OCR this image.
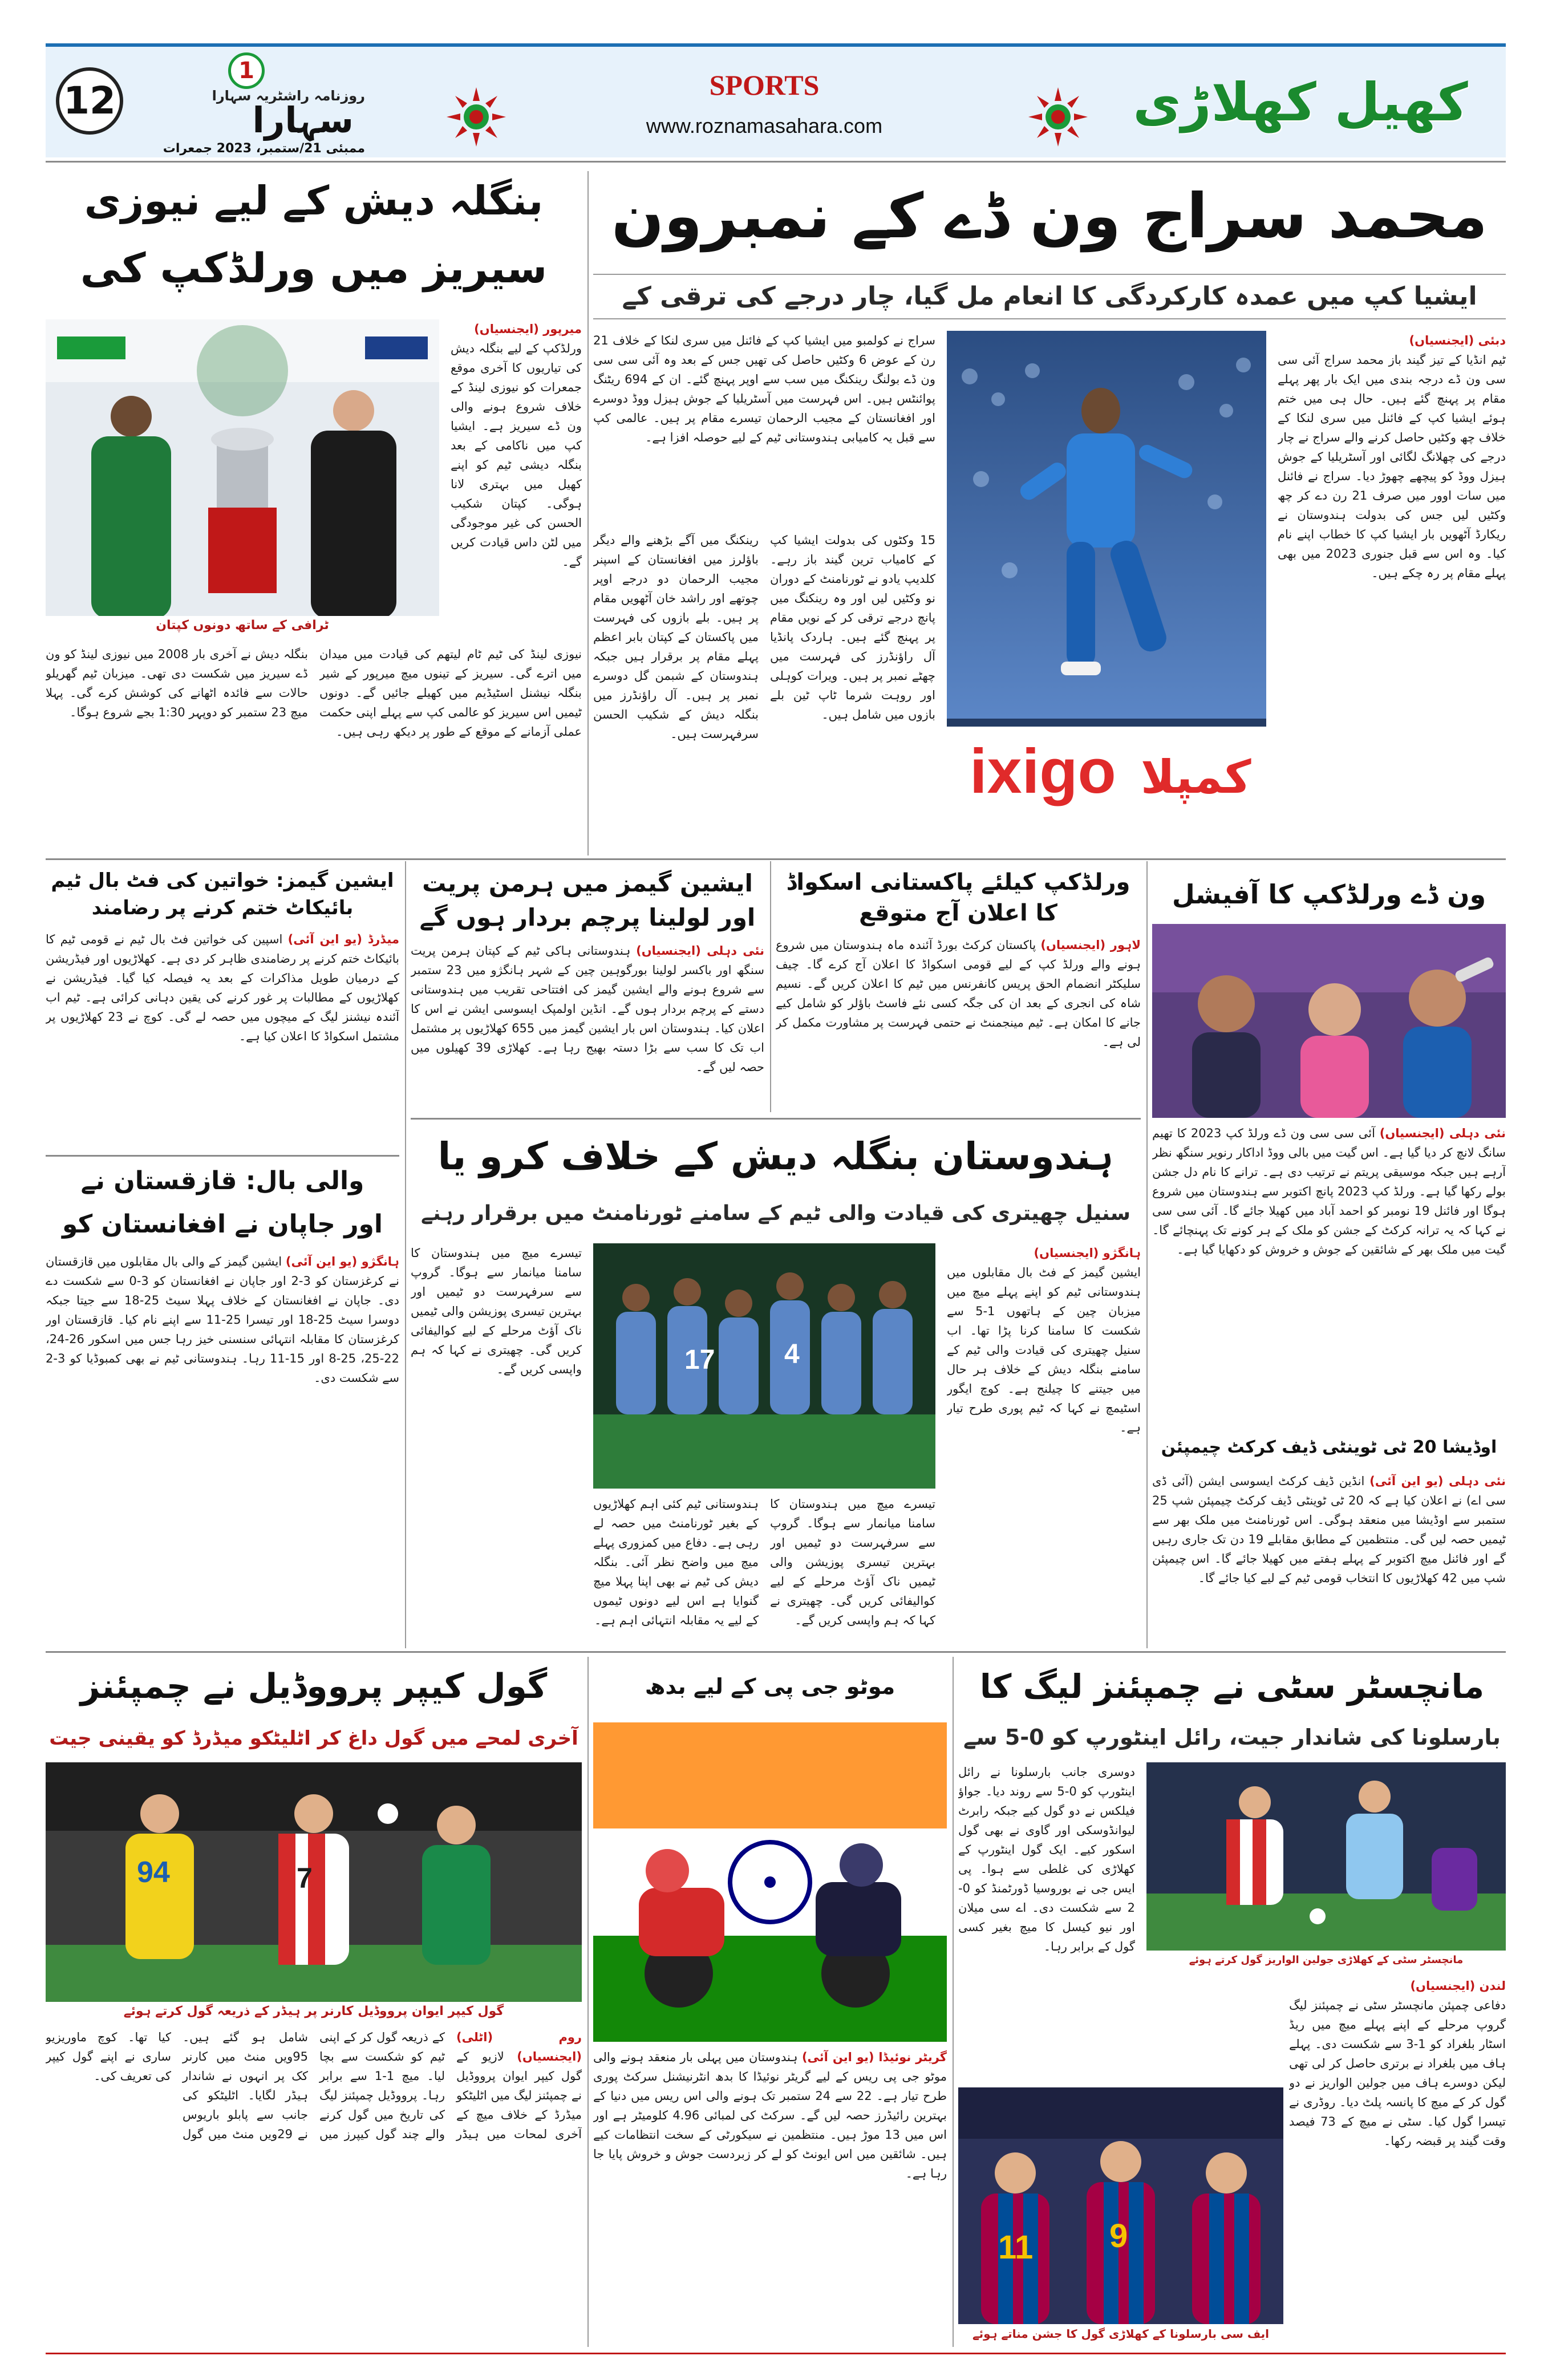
12
1
روزنامہ راشٹریہ سہارا
سہارا
ممبئی 21/ستمبر، 2023 جمعرات
SPORTS
www.roznamasahara.com	کھیل کھلاڑی
محمد سراج ون ڈے کے نمبرون
ایشیا کپ میں عمدہ کارکردگی کا انعام مل گیا، چار درجے کی ترقی کے
دبئی (ایجنسیاں)
ٹیم انڈیا کے تیز گیند باز محمد سراج آئی سی سی ون ڈے درجہ بندی میں ایک بار پھر پہلے مقام پر پہنچ گئے ہیں۔ حال ہی میں ختم ہوئے ایشیا کپ کے فائنل میں سری لنکا کے خلاف چھ وکٹیں حاصل کرنے والے سراج نے چار درجے کی چھلانگ لگائی اور آسٹریلیا کے جوش ہیزل ووڈ کو پیچھے چھوڑ دیا۔ سراج نے فائنل میں سات اوور میں صرف 21 رن دے کر چھ وکٹیں لیں جس کی بدولت ہندوستان نے ریکارڈ آٹھویں بار ایشیا کپ کا خطاب اپنے نام کیا۔ وہ اس سے قبل جنوری 2023 میں بھی پہلے مقام پر رہ چکے ہیں۔
ixigo کمپلا
سراج نے کولمبو میں ایشیا کپ کے فائنل میں سری لنکا کے خلاف 21 رن کے عوض 6 وکٹیں حاصل کی تھیں جس کے بعد وہ آئی سی سی ون ڈے بولنگ رینکنگ میں سب سے اوپر پہنچ گئے۔ ان کے 694 ریٹنگ پوائنٹس ہیں۔ اس فہرست میں آسٹریلیا کے جوش ہیزل ووڈ دوسرے اور افغانستان کے مجیب الرحمان تیسرے مقام پر ہیں۔ عالمی کپ سے قبل یہ کامیابی ہندوستانی ٹیم کے لیے حوصلہ افزا ہے۔
رینکنگ میں آگے بڑھنے والے دیگر باؤلرز میں افغانستان کے اسپنر مجیب الرحمان دو درجے اوپر چوتھے اور راشد خان آٹھویں مقام پر ہیں۔ بلے بازوں کی فہرست میں پاکستان کے کپتان بابر اعظم پہلے مقام پر برقرار ہیں جبکہ ہندوستان کے شبمن گل دوسرے نمبر پر ہیں۔ آل راؤنڈرز میں بنگلہ دیش کے شکیب الحسن سرفہرست ہیں۔
15 وکٹوں کی بدولت ایشیا کپ کے کامیاب ترین گیند باز رہے۔ کلدیپ یادو نے ٹورنامنٹ کے دوران نو وکٹیں لیں اور وہ رینکنگ میں پانچ درجے ترقی کر کے نویں مقام پر پہنچ گئے ہیں۔ ہاردک پانڈیا آل راؤنڈرز کی فہرست میں چھٹے نمبر پر ہیں۔ ویرات کوہلی اور روہت شرما ٹاپ ٹین بلے بازوں میں شامل ہیں۔
بنگلہ دیش کے لیے نیوزی
سیریز میں ورلڈکپ کی
ٹرافی کے ساتھ دونوں کپتان
میرپور (ایجنسیاں)
ورلڈکپ کے لیے بنگلہ دیش کی تیاریوں کا آخری موقع جمعرات کو نیوزی لینڈ کے خلاف شروع ہونے والی ون ڈے سیریز ہے۔ ایشیا کپ میں ناکامی کے بعد بنگلہ دیشی ٹیم کو اپنے کھیل میں بہتری لانا ہوگی۔ کپتان شکیب الحسن کی غیر موجودگی میں لٹن داس قیادت کریں گے۔
بنگلہ دیش نے آخری بار 2008 میں نیوزی لینڈ کو ون ڈے سیریز میں شکست دی تھی۔ میزبان ٹیم گھریلو حالات سے فائدہ اٹھانے کی کوشش کرے گی۔ پہلا میچ 23 ستمبر کو دوپہر 1:30 بجے شروع ہوگا۔
نیوزی لینڈ کی ٹیم ٹام لیتھم کی قیادت میں میدان میں اترے گی۔ سیریز کے تینوں میچ میرپور کے شیر بنگلہ نیشنل اسٹیڈیم میں کھیلے جائیں گے۔ دونوں ٹیمیں اس سیریز کو عالمی کپ سے پہلے اپنی حکمت عملی آزمانے کے موقع کے طور پر دیکھ رہی ہیں۔
ون ڈے ورلڈکپ کا آفیشل
نئی دہلی (ایجنسیاں) آئی سی سی ون ڈے ورلڈ کپ 2023 کا تھیم سانگ لانچ کر دیا گیا ہے۔ اس گیت میں بالی ووڈ اداکار رنویر سنگھ نظر آرہے ہیں جبکہ موسیقی پریتم نے ترتیب دی ہے۔ ترانے کا نام دل جشن بولے رکھا گیا ہے۔ ورلڈ کپ 2023 پانچ اکتوبر سے ہندوستان میں شروع ہوگا اور فائنل 19 نومبر کو احمد آباد میں کھیلا جائے گا۔ آئی سی سی نے کہا کہ یہ ترانہ کرکٹ کے جشن کو ملک کے ہر کونے تک پہنچائے گا۔ گیت میں ملک بھر کے شائقین کے جوش و خروش کو دکھایا گیا ہے۔
اوڈیشا 20 ٹی ٹوینٹی ڈیف کرکٹ چیمپئن
نئی دہلی (یو این آئی) انڈین ڈیف کرکٹ ایسوسی ایشن (آئی ڈی سی اے) نے اعلان کیا ہے کہ 20 ٹی ٹوینٹی ڈیف کرکٹ چیمپئن شپ 25 ستمبر سے اوڈیشا میں منعقد ہوگی۔ اس ٹورنامنٹ میں ملک بھر سے ٹیمیں حصہ لیں گی۔ منتظمین کے مطابق مقابلے 19 دن تک جاری رہیں گے اور فائنل میچ اکتوبر کے پہلے ہفتے میں کھیلا جائے گا۔ اس چیمپئن شپ میں 42 کھلاڑیوں کا انتخاب قومی ٹیم کے لیے کیا جائے گا۔
ورلڈکپ کیلئے پاکستانی اسکواڈ کا اعلان آج متوقع
لاہور (ایجنسیاں) پاکستان کرکٹ بورڈ آئندہ ماہ ہندوستان میں شروع ہونے والے ورلڈ کپ کے لیے قومی اسکواڈ کا اعلان آج کرے گا۔ چیف سلیکٹر انضمام الحق پریس کانفرنس میں ٹیم کا اعلان کریں گے۔ نسیم شاہ کی انجری کے بعد ان کی جگہ کسی نئے فاسٹ باؤلر کو شامل کیے جانے کا امکان ہے۔ ٹیم مینجمنٹ نے حتمی فہرست پر مشاورت مکمل کر لی ہے۔
ایشین گیمز میں ہرمن پریت
اور لولینا پرچم بردار ہوں گے
نئی دہلی (ایجنسیاں) ہندوستانی ہاکی ٹیم کے کپتان ہرمن پریت سنگھ اور باکسر لولینا بورگوہین چین کے شہر ہانگژو میں 23 ستمبر سے شروع ہونے والے ایشین گیمز کی افتتاحی تقریب میں ہندوستانی دستے کے پرچم بردار ہوں گے۔ انڈین اولمپک ایسوسی ایشن نے اس کا اعلان کیا۔ ہندوستان اس بار ایشین گیمز میں 655 کھلاڑیوں پر مشتمل اب تک کا سب سے بڑا دستہ بھیج رہا ہے۔ کھلاڑی 39 کھیلوں میں حصہ لیں گے۔
ایشین گیمز: خواتین کی فٹ بال ٹیم بائیکاٹ ختم کرنے پر رضامند
میڈرڈ (یو این آئی) اسپین کی خواتین فٹ بال ٹیم نے قومی ٹیم کا بائیکاٹ ختم کرنے پر رضامندی ظاہر کر دی ہے۔ کھلاڑیوں اور فیڈریشن کے درمیان طویل مذاکرات کے بعد یہ فیصلہ کیا گیا۔ فیڈریشن نے کھلاڑیوں کے مطالبات پر غور کرنے کی یقین دہانی کرائی ہے۔ ٹیم اب آئندہ نیشنز لیگ کے میچوں میں حصہ لے گی۔ کوچ نے 23 کھلاڑیوں پر مشتمل اسکواڈ کا اعلان کیا ہے۔
والی بال: قازقستان نے
اور جاپان نے افغانستان کو
ہانگژو (یو این آئی) ایشین گیمز کے والی بال مقابلوں میں قازقستان نے کرغزستان کو 3-2 اور جاپان نے افغانستان کو 3-0 سے شکست دے دی۔ جاپان نے افغانستان کے خلاف پہلا سیٹ 25-18 سے جیتا جبکہ دوسرا سیٹ 25-18 اور تیسرا 25-11 سے اپنے نام کیا۔ قازقستان اور کرغزستان کا مقابلہ انتہائی سنسنی خیز رہا جس میں اسکور 26-24، 22-25، 25-8 اور 15-11 رہا۔ ہندوستانی ٹیم نے بھی کمبوڈیا کو 3-2 سے شکست دی۔
ہندوستان بنگلہ دیش کے خلاف کرو یا
سنیل چھیتری کی قیادت والی ٹیم کے سامنے ٹورنامنٹ میں برقرار رہنے
ہانگژو (ایجنسیاں)
ایشین گیمز کے فٹ بال مقابلوں میں ہندوستانی ٹیم کو اپنے پہلے میچ میں میزبان چین کے ہاتھوں 1-5 سے شکست کا سامنا کرنا پڑا تھا۔ اب سنیل چھیتری کی قیادت والی ٹیم کے سامنے بنگلہ دیش کے خلاف ہر حال میں جیتنے کا چیلنج ہے۔ کوچ ایگور اسٹیمچ نے کہا کہ ٹیم پوری طرح تیار ہے۔
17	4
ہندوستانی ٹیم کئی اہم کھلاڑیوں کے بغیر ٹورنامنٹ میں حصہ لے رہی ہے۔ دفاع میں کمزوری پہلے میچ میں واضح نظر آئی۔ بنگلہ دیش کی ٹیم نے بھی اپنا پہلا میچ گنوایا ہے اس لیے دونوں ٹیموں کے لیے یہ مقابلہ انتہائی اہم ہے۔
تیسرے میچ میں ہندوستان کا سامنا میانمار سے ہوگا۔ گروپ سے سرفہرست دو ٹیمیں اور بہترین تیسری پوزیشن والی ٹیمیں ناک آؤٹ مرحلے کے لیے کوالیفائی کریں گی۔ چھیتری نے کہا کہ ہم واپسی کریں گے۔
تیسرے میچ میں ہندوستان کا سامنا میانمار سے ہوگا۔ گروپ سے سرفہرست دو ٹیمیں اور بہترین تیسری پوزیشن والی ٹیمیں ناک آؤٹ مرحلے کے لیے کوالیفائی کریں گی۔ چھیتری نے کہا کہ ہم واپسی کریں گے۔
گول کیپر پرووڈیل نے چمپئنز
آخری لمحے میں گول داغ کر اٹلیٹکو میڈرڈ کو یقینی جیت
94	7
گول کیپر ایوان پرووڈیل کارنر پر ہیڈر کے ذریعہ گول کرتے ہوئے
روم (اٹلی) (ایجنسیاں) لازیو کے گول کیپر ایوان پرووڈیل نے چمپئنز لیگ میں اٹلیٹکو میڈرڈ کے خلاف میچ کے آخری لمحات میں ہیڈر کے ذریعہ گول کر کے اپنی ٹیم کو شکست سے بچا لیا۔ میچ 1-1 سے برابر رہا۔ پرووڈیل چمپئنز لیگ کی تاریخ میں گول کرنے والے چند گول کیپرز میں شامل ہو گئے ہیں۔ 95ویں منٹ میں کارنر کک پر انہوں نے شاندار ہیڈر لگایا۔ اٹلیٹکو کی جانب سے پابلو باریوس نے 29ویں منٹ میں گول کیا تھا۔ کوچ ماوریزیو ساری نے اپنے گول کیپر کی تعریف کی۔
موٹو جی پی کے لیے بدھ
گریٹر نوئیڈا (یو این آئی) ہندوستان میں پہلی بار منعقد ہونے والی موٹو جی پی ریس کے لیے گریٹر نوئیڈا کا بدھ انٹرنیشنل سرکٹ پوری طرح تیار ہے۔ 22 سے 24 ستمبر تک ہونے والی اس ریس میں دنیا کے بہترین رائیڈرز حصہ لیں گے۔ سرکٹ کی لمبائی 4.96 کلومیٹر ہے اور اس میں 13 موڑ ہیں۔ منتظمین نے سیکورٹی کے سخت انتظامات کیے ہیں۔ شائقین میں اس ایونٹ کو لے کر زبردست جوش و خروش پایا جا رہا ہے۔
مانچسٹر سٹی نے چمپئنز لیگ کا
بارسلونا کی شاندار جیت، رائل اینٹورپ کو 0-5 سے
مانچسٹر سٹی کے کھلاڑی جولین الواریز گول کرتے ہوئے
دوسری جانب بارسلونا نے رائل اینٹورپ کو 0-5 سے روند دیا۔ جواؤ فیلکس نے دو گول کیے جبکہ رابرٹ لیوانڈوسکی اور گاوی نے بھی گول اسکور کیے۔ ایک گول اینٹورپ کے کھلاڑی کی غلطی سے ہوا۔ پی ایس جی نے بوروسیا ڈورٹمنڈ کو 0-2 سے شکست دی۔ اے سی میلان اور نیو کیسل کا میچ بغیر کسی گول کے برابر رہا۔
لندن (ایجنسیاں)
دفاعی چمپئن مانچسٹر سٹی نے چمپئنز لیگ گروپ مرحلے کے اپنے پہلے میچ میں ریڈ اسٹار بلغراد کو 1-3 سے شکست دی۔ پہلے ہاف میں بلغراد نے برتری حاصل کر لی تھی لیکن دوسرے ہاف میں جولین الواریز نے دو گول کر کے میچ کا پانسہ پلٹ دیا۔ روڈری نے تیسرا گول کیا۔ سٹی نے میچ کے 73 فیصد وقت گیند پر قبضہ رکھا۔
11 9
ایف سی بارسلونا کے کھلاڑی گول کا جشن مناتے ہوئے
